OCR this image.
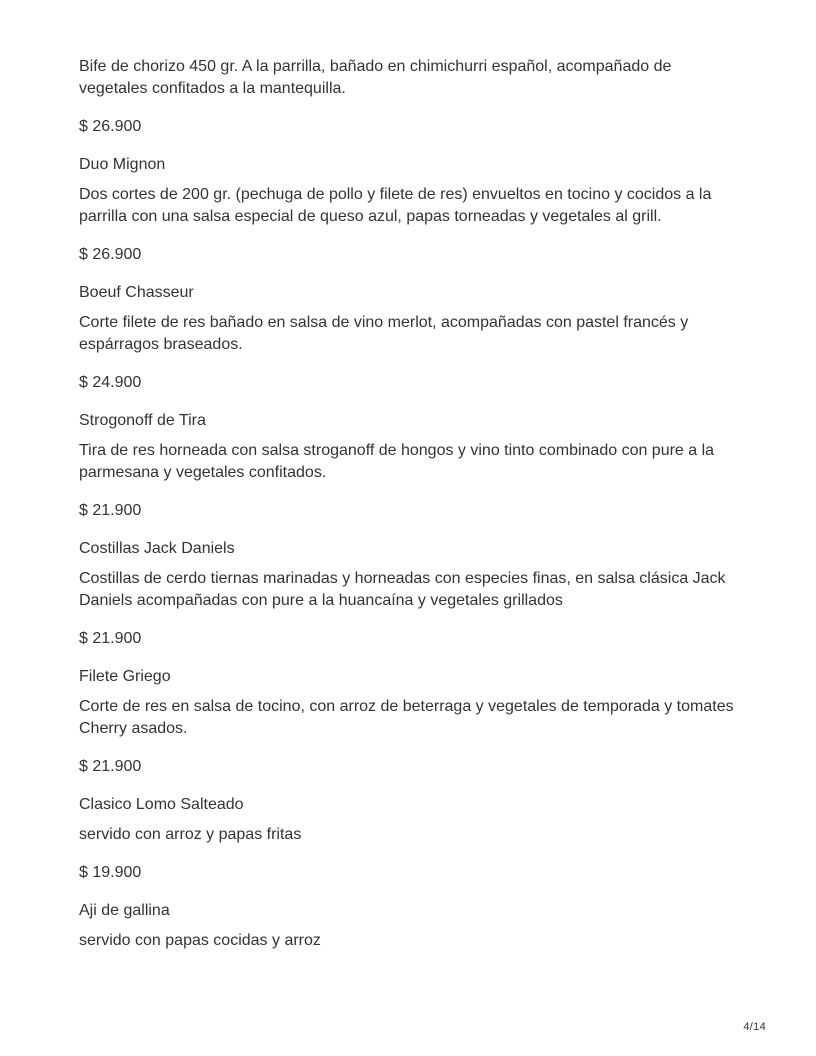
Bife de chorizo 450 gr. A la parrilla, bañado en chimichurri español, acompañado de vegetales confitados a la mantequilla.

$ 26.900

Duo Mignon

Dos cortes de 200 gr. (pechuga de pollo y filete de res) envueltos en tocino y cocidos a la parrilla con una salsa especial de queso azul, papas torneadas y vegetales al grill.

$ 26.900

Boeuf Chasseur

Corte filete de res bañado en salsa de vino merlot, acompañadas con pastel francés y espárragos braseados.

$ 24.900

Strogonoff de Tira

Tira de res horneada con salsa stroganoff de hongos y vino tinto combinado con pure a la parmesana y vegetales confitados.

$ 21.900

Costillas Jack Daniels

Costillas de cerdo tiernas marinadas y horneadas con especies finas, en salsa clásica Jack Daniels acompañadas con pure a la huancaína y vegetales grillados

$ 21.900

Filete Griego

Corte de res en salsa de tocino, con arroz de beterraga y vegetales de temporada y tomates Cherry asados.

$ 21.900

Clasico Lomo Salteado

servido con arroz y papas fritas

$ 19.900

Aji de gallina

servido con papas cocidas y arroz

4/14
